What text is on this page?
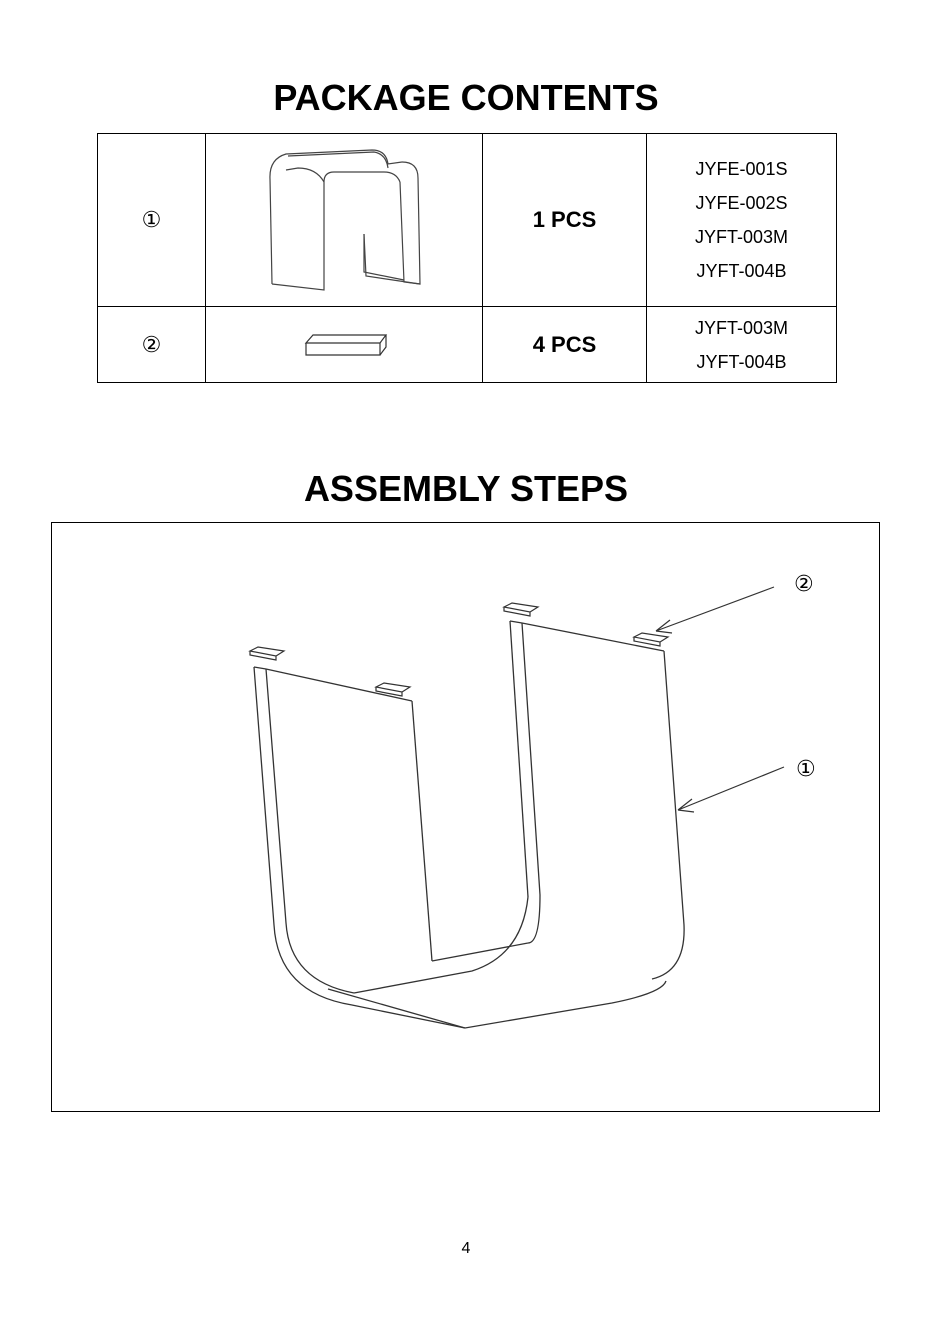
PACKAGE CONTENTS
①		1 PCS	JYFE-001S
JYFE-002S
JYFT-003M
JYFT-004B

②		4 PCS	JYFT-003M
JYFT-004B
ASSEMBLY STEPS
②
①
4
